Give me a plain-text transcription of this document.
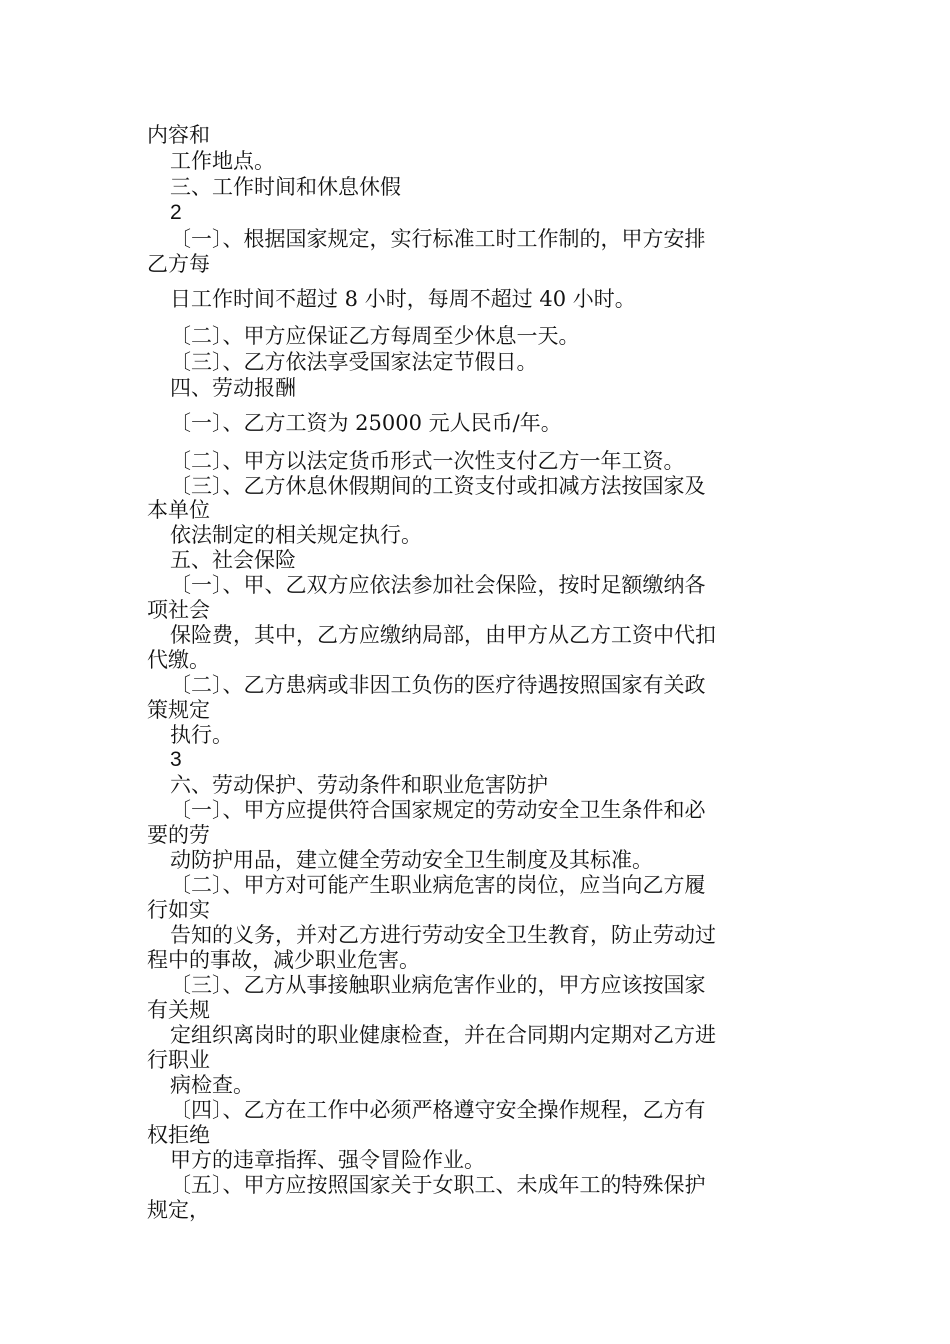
内容和
工作地点。
三、工作时间和休息休假
2
〔一〕、根据国家规定，实行标准工时工作制的，甲方安排
乙方每
日工作时间不超过 8 小时，每周不超过 40 小时。
〔二〕、甲方应保证乙方每周至少休息一天。
〔三〕、乙方依法享受国家法定节假日。
四、劳动报酬
〔一〕、乙方工资为 25000 元人民币/年。
〔二〕、甲方以法定货币形式一次性支付乙方一年工资。
〔三〕、乙方休息休假期间的工资支付或扣减方法按国家及
本单位
依法制定的相关规定执行。
五、社会保险
〔一〕、甲、乙双方应依法参加社会保险，按时足额缴纳各
项社会
保险费，其中，乙方应缴纳局部，由甲方从乙方工资中代扣
代缴。
〔二〕、乙方患病或非因工负伤的医疗待遇按照国家有关政
策规定
执行。
3
六、劳动保护、劳动条件和职业危害防护
〔一〕、甲方应提供符合国家规定的劳动安全卫生条件和必
要的劳
动防护用品，建立健全劳动安全卫生制度及其标准。
〔二〕、甲方对可能产生职业病危害的岗位，应当向乙方履
行如实
告知的义务，并对乙方进行劳动安全卫生教育，防止劳动过
程中的事故，减少职业危害。
〔三〕、乙方从事接触职业病危害作业的，甲方应该按国家
有关规
定组织离岗时的职业健康检查，并在合同期内定期对乙方进
行职业
病检查。
〔四〕、乙方在工作中必须严格遵守安全操作规程，乙方有
权拒绝
甲方的违章指挥、强令冒险作业。
〔五〕、甲方应按照国家关于女职工、未成年工的特殊保护
规定，
